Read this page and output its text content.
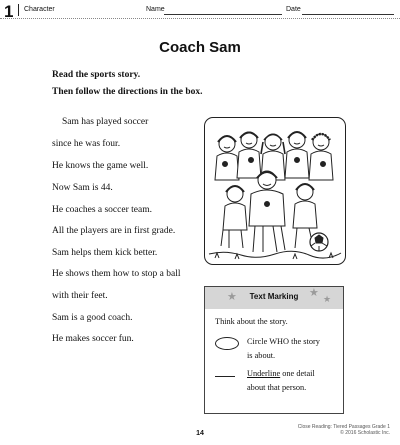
1 Character	Name	Date
Coach Sam
Read the sports story.
Then follow the directions in the box.
Sam has played soccer
since he was four.
He knows the game well.
Now Sam is 44.
He coaches a soccer team.
All the players are in first grade.
Sam helps them kick better.
He shows them how to stop a ball
with their feet.
Sam is a good coach.
He makes soccer fun.
★	★ ★
Text Marking
Think about the story.
Circle WHO the story
is about.
Underline one detail
about that person.
14
Close Reading: Tiered Passages Grade 1
© 2016 Scholastic Inc.
